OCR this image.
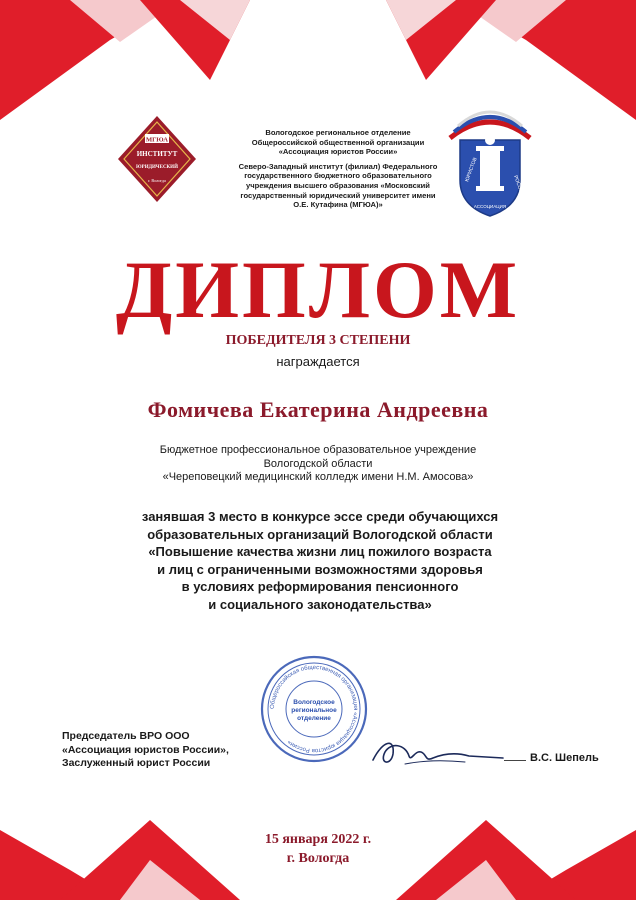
МГЮА
ИНСТИТУТ
ЮРИДИЧЕСКИЙ
г. Вологда
Вологодское региональное отделение
Общероссийской общественной организации
«Ассоциация юристов России»
Северо-Западный институт (филиал) Федерального
государственного бюджетного образовательного
учреждения высшего образования «Московский
государственный юридический университет имени
О.Е. Кутафина (МГЮА)»
ЮРИСТОВ
АССОЦИАЦИЯ
РОССИИ
ДИПЛОМ
ПОБЕДИТЕЛЯ 3 СТЕПЕНИ
награждается
Фомичева Екатерина Андреевна
Бюджетное профессиональное образовательное учреждение
Вологодской области
«Череповецкий медицинский колледж имени Н.М. Амосова»
занявшая 3 место в конкурсе эссе среди обучающихся
образовательных организаций Вологодской области
«Повышение качества жизни лиц пожилого возраста
и лиц с ограниченными возможностями здоровья
в условиях реформирования пенсионного
и социального законодательства»
Общероссийская общественная организация «Ассоциация юристов России»
Вологодское
региональное
отделение
Председатель ВРО ООО
«Ассоциация юристов России»,
Заслуженный юрист России	В.С. Шепель
15 января 2022 г.
г. Вологда
